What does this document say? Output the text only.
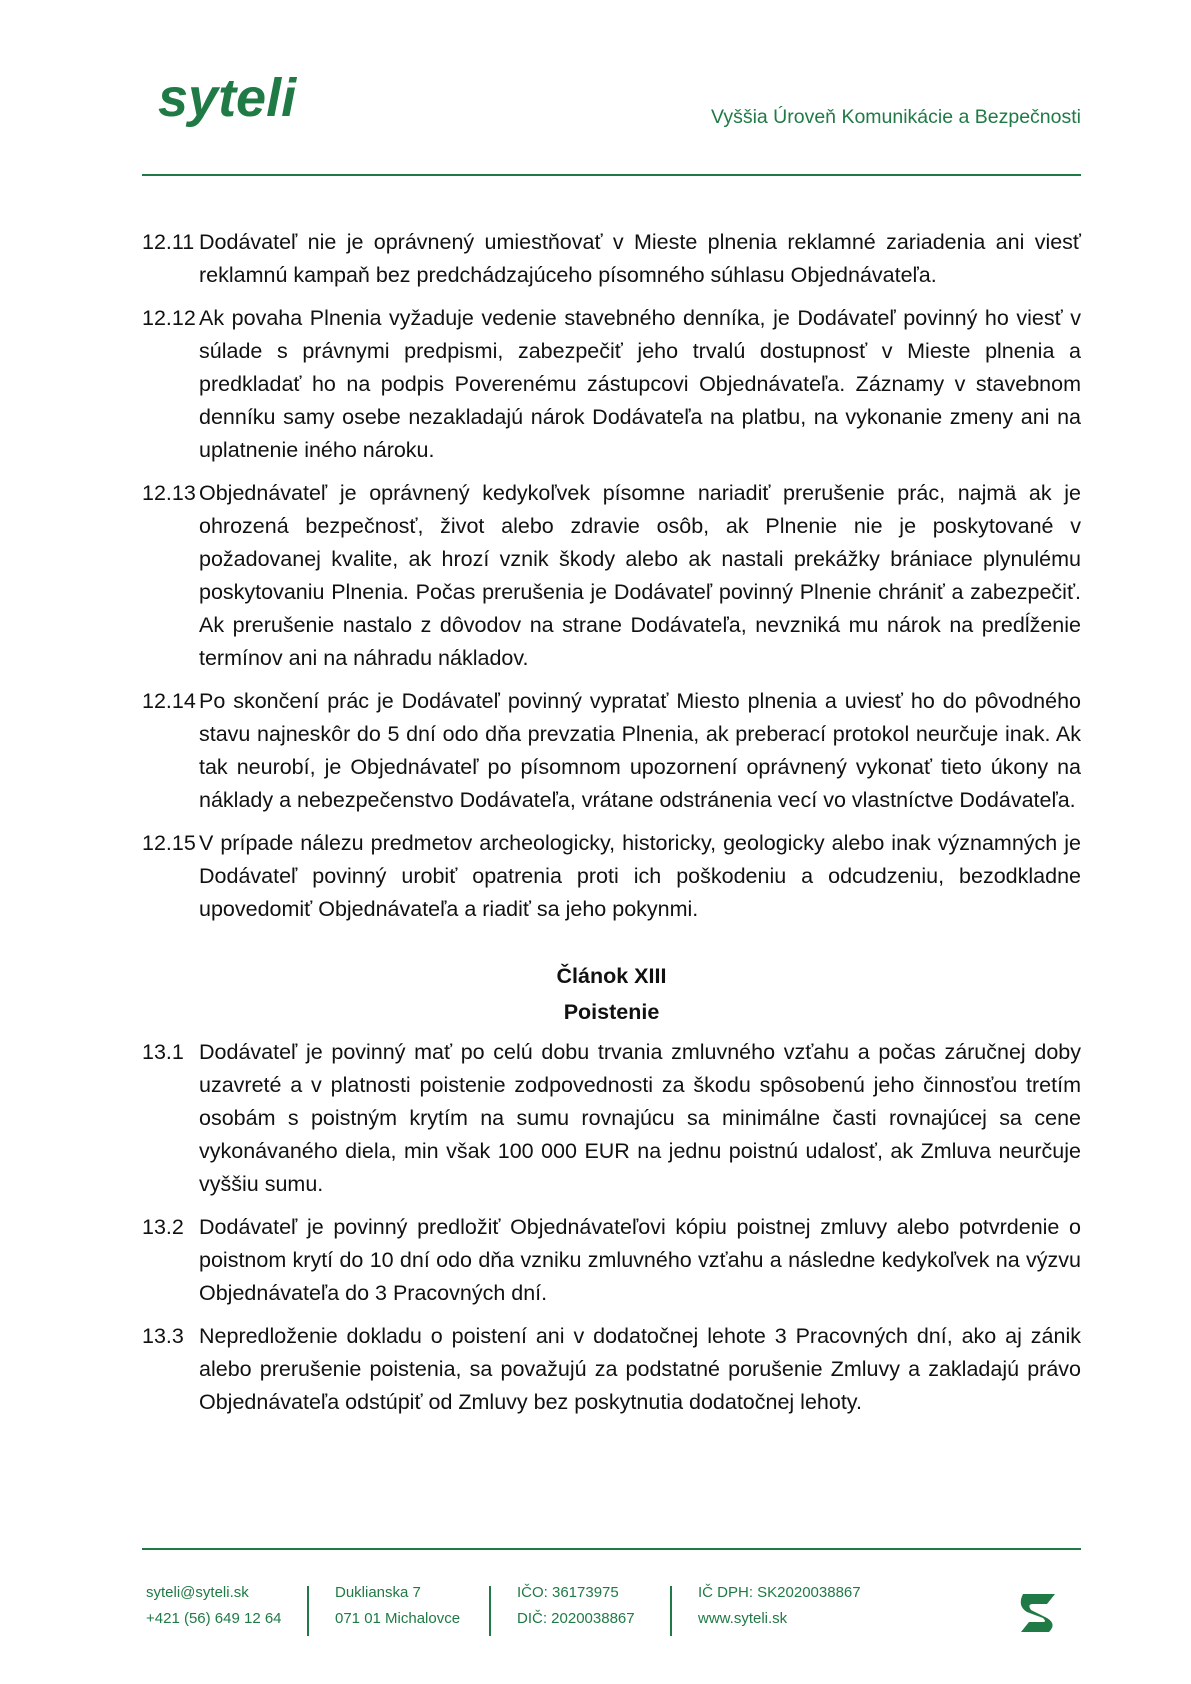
syteli	Vyššia Úroveň Komunikácie a Bezpečnosti
12.11 Dodávateľ nie je oprávnený umiestňovať v Mieste plnenia reklamné zariadenia ani viesť reklamnú kampaň bez predchádzajúceho písomného súhlasu Objednávateľa.
12.12 Ak povaha Plnenia vyžaduje vedenie stavebného denníka, je Dodávateľ povinný ho viesť v súlade s právnymi predpismi, zabezpečiť jeho trvalú dostupnosť v Mieste plnenia a predkladať ho na podpis Poverenému zástupcovi Objednávateľa. Záznamy v stavebnom denníku samy osebe nezakladajú nárok Dodávateľa na platbu, na vykonanie zmeny ani na uplatnenie iného nároku.
12.13 Objednávateľ je oprávnený kedykoľvek písomne nariadiť prerušenie prác, najmä ak je ohrozená bezpečnosť, život alebo zdravie osôb, ak Plnenie nie je poskytované v požadovanej kvalite, ak hrozí vznik škody alebo ak nastali prekážky brániace plynulému poskytovaniu Plnenia. Počas prerušenia je Dodávateľ povinný Plnenie chrániť a zabezpečiť. Ak prerušenie nastalo z dôvodov na strane Dodávateľa, nevzniká mu nárok na predĺženie termínov ani na náhradu nákladov.
12.14 Po skončení prác je Dodávateľ povinný vypratať Miesto plnenia a uviesť ho do pôvodného stavu najneskôr do 5 dní odo dňa prevzatia Plnenia, ak preberací protokol neurčuje inak. Ak tak neurobí, je Objednávateľ po písomnom upozornení oprávnený vykonať tieto úkony na náklady a nebezpečenstvo Dodávateľa, vrátane odstránenia vecí vo vlastníctve Dodávateľa.
12.15 V prípade nálezu predmetov archeologicky, historicky, geologicky alebo inak významných je Dodávateľ povinný urobiť opatrenia proti ich poškodeniu a odcudzeniu, bezodkladne upovedomiť Objednávateľa a riadiť sa jeho pokynmi.
Článok XIII
Poistenie
13.1 Dodávateľ je povinný mať po celú dobu trvania zmluvného vzťahu a počas záručnej doby uzavreté a v platnosti poistenie zodpovednosti za škodu spôsobenú jeho činnosťou tretím osobám s poistným krytím na sumu rovnajúcu sa minimálne časti rovnajúcej sa cene vykonávaného diela, min však 100 000 EUR na jednu poistnú udalosť, ak Zmluva neurčuje vyššiu sumu.
13.2 Dodávateľ je povinný predložiť Objednávateľovi kópiu poistnej zmluvy alebo potvrdenie o poistnom krytí do 10 dní odo dňa vzniku zmluvného vzťahu a následne kedykoľvek na výzvu Objednávateľa do 3 Pracovných dní.
13.3 Nepredloženie dokladu o poistení ani v dodatočnej lehote 3 Pracovných dní, ako aj zánik alebo prerušenie poistenia, sa považujú za podstatné porušenie Zmluvy a zakladajú právo Objednávateľa odstúpiť od Zmluvy bez poskytnutia dodatočnej lehoty.
syteli@syteli.sk
+421 (56) 649 12 64
Duklianska 7
071 01 Michalovce
IČO: 36173975
DIČ: 2020038867
IČ DPH: SK2020038867
www.syteli.sk
